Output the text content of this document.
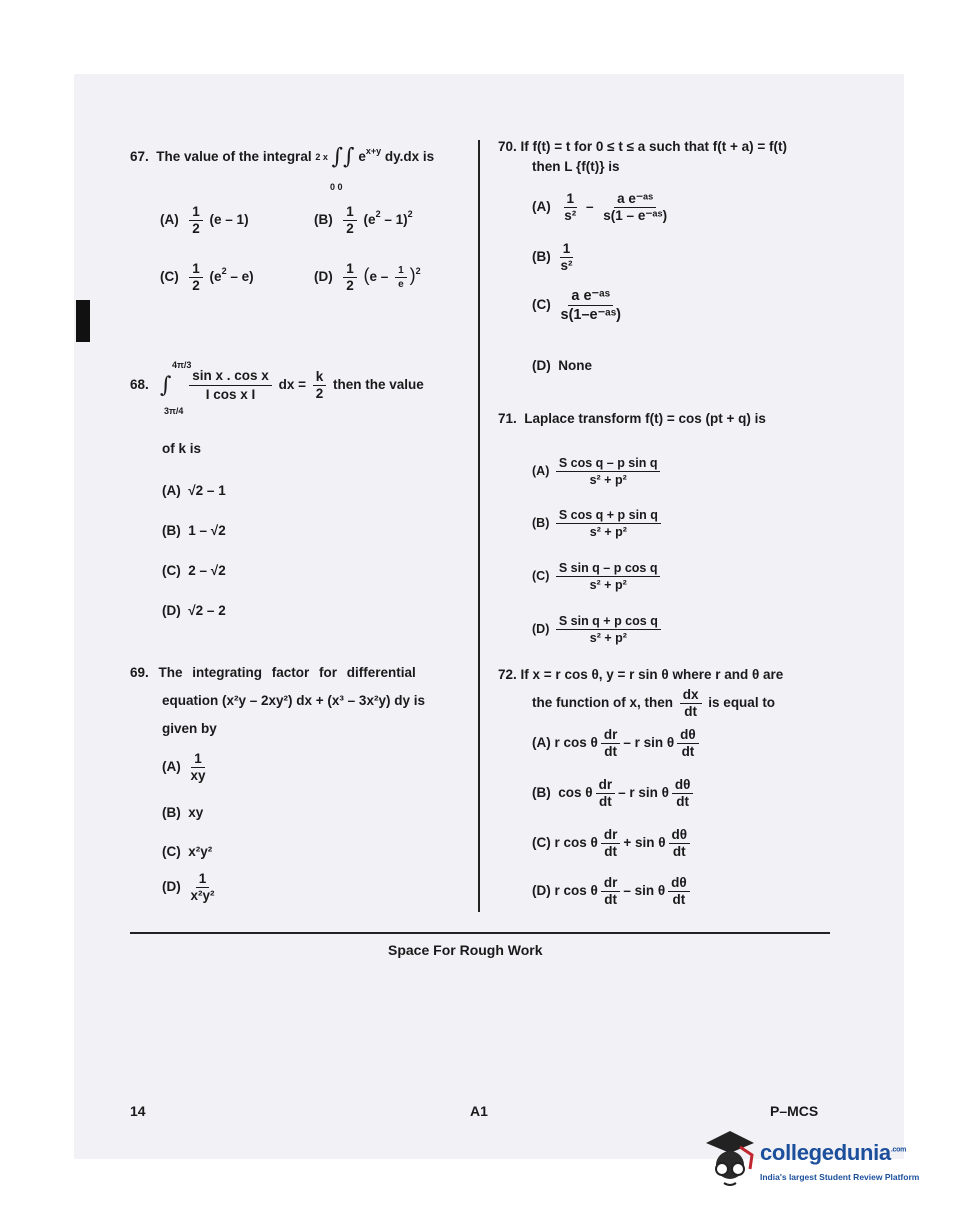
67. The value of the integral 2 x ∫∫ $e^{x+y}$ dy.dx is
0 0
$(A) \frac{1}{2} (e - 1)$	$(B) \frac{1}{2} (e^2 - 1)^2$
$(C) \frac{1}{2} (e^2 - e)$	$(D) \frac{1}{2} (e - \frac{1}{e} )^2$
4π/3
68. ∫ $\frac{\text{sin x . cos x}}{\text{I cos x I}}$ dx = $\frac{k}{2}$ then the value
3π/4
of k is
(A) √2 – 1
(B) 1 – √2
(C) 2 – √2
(D) √2 – 2
69. The integrating factor for differential
equation (x²y – 2xy²) dx + (x³ – 3x²y) dy is
given by
$(A) \frac{1}{xy}$
(B) xy
(C) x²y²
$(D) \frac{1}{\text{x²y²}}$
70. If f(t) = t for 0 ≤ t ≤ a such that f(t + a) = f(t)
then L {f(t)} is
$(A) \frac{1}{\text{s²}} - \frac{\text{a e⁻ᵃˢ}}{\text{s(1 – e⁻ᵃˢ)}}$
$(B) \frac{1}{\text{s²}}$
$(C) \frac{\text{a e⁻ᵃˢ}}{\text{s(1–e⁻ᵃˢ)}}$
(D) None
71. Laplace transform f(t) = cos (pt + q) is
$(A) \frac{\text{S cos q – p sin q}}{\text{s² + p²}}$
$(B) \frac{\text{S cos q + p sin q}}{\text{s² + p²}}$
$(C) \frac{\text{S sin q – p cos q}}{\text{s² + p²}}$
$(D) \frac{\text{S sin q + p cos q}}{\text{s² + p²}}$
72. If x = r cos θ, y = r sin θ where r and θ are
the function of x, then $\frac{dx}{dt}$ is equal to
(A) r cos θ $\frac{dr}{dt}$ – r sin θ $\frac{d\theta}{dt}$
(B) cos θ $\frac{dr}{dt}$ – r sin θ $\frac{d\theta}{dt}$
(C) r cos θ $\frac{dr}{dt} + \sin \theta \frac{d\theta}{dt}$
(D) r cos θ $\frac{dr}{dt}$ – sin θ $\frac{d\theta}{dt}$
Space For Rough Work
14	A1	P–MCS
collegedunia$^{.com}$
India's largest Student Review Platform
